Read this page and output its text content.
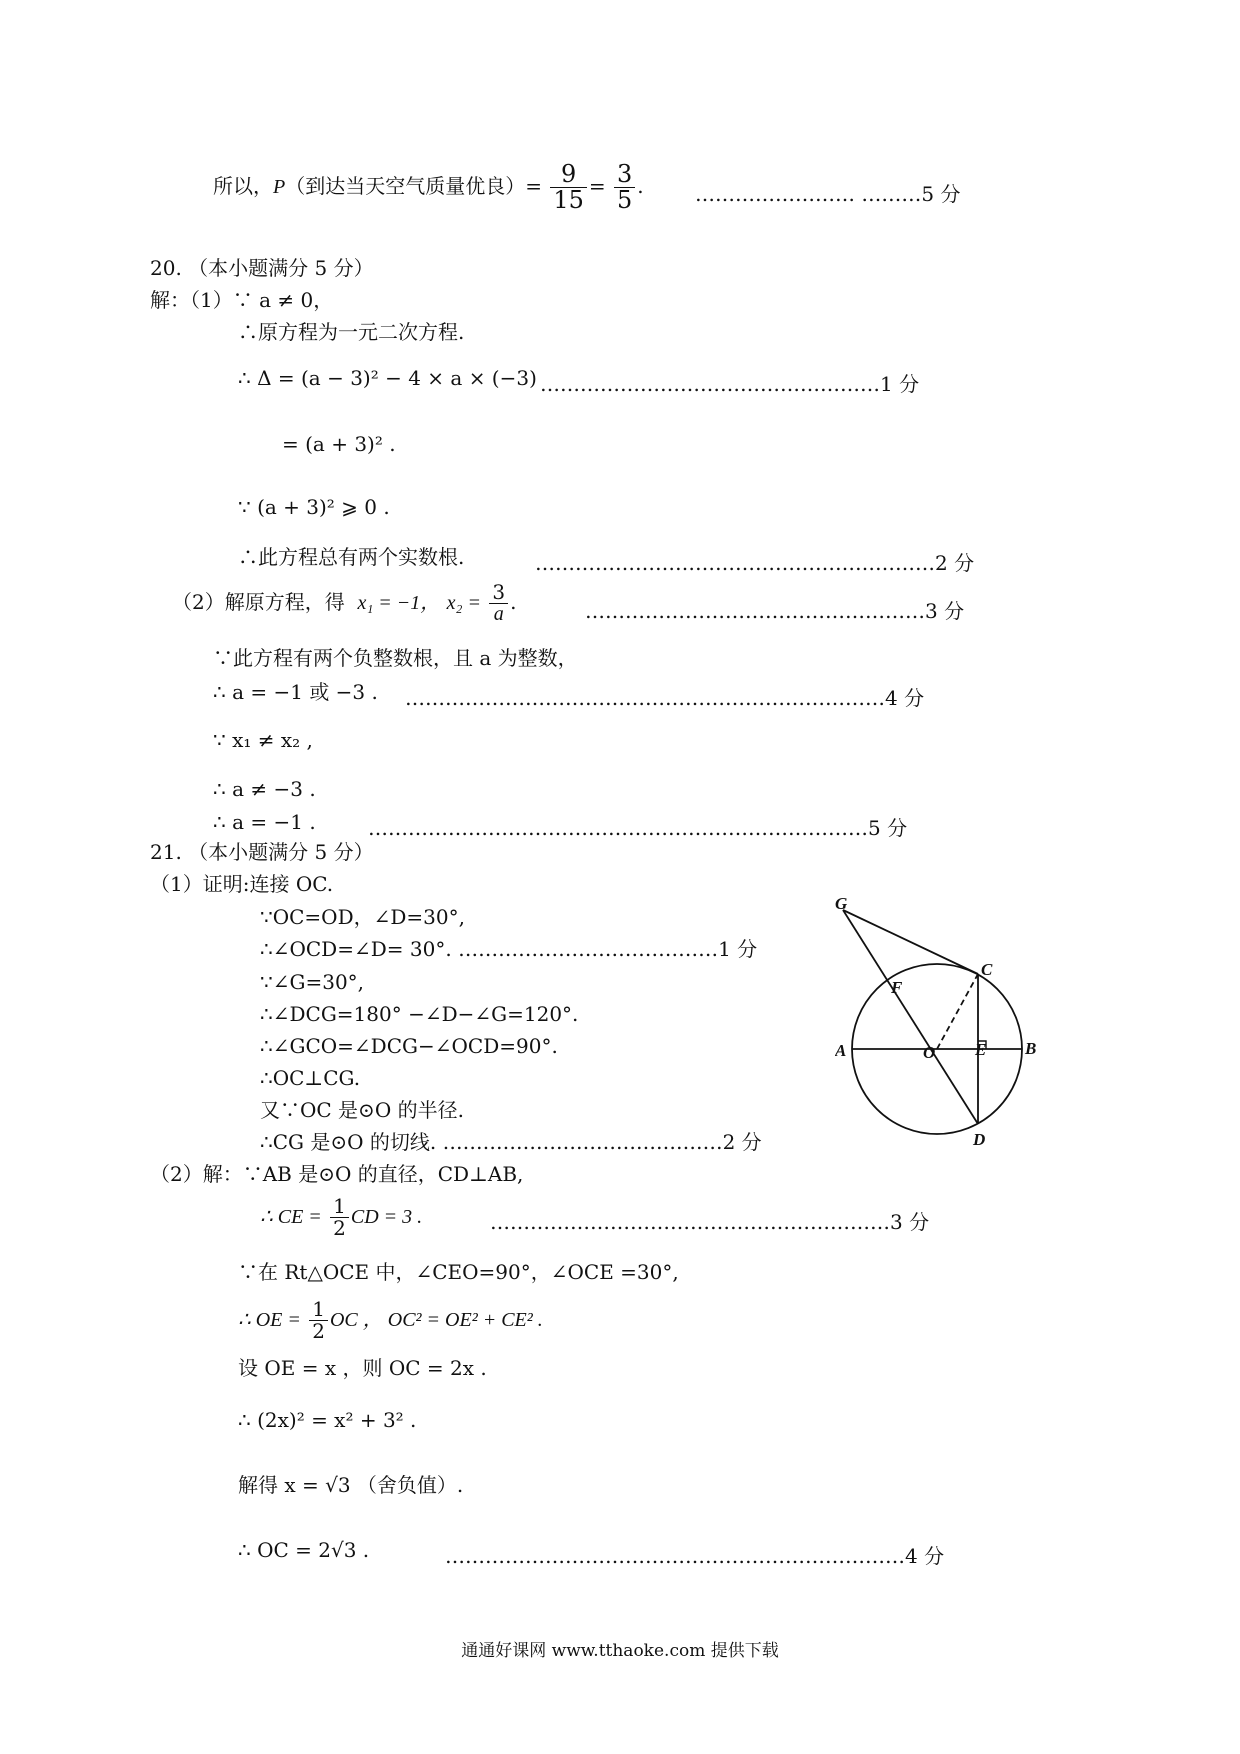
所以，P（到达当天空气质量优良）= $\frac{9}{15} = \frac{3}{5}$ .	…………………… ………5 分
20. （本小题满分 5 分）
解：（1）∵ a ≠ 0，
∴原方程为一元二次方程.
∴ Δ = (a − 3)² − 4 × a × (−3) ……………………………………………1 分
= (a + 3)² .
∵ (a + 3)² ⩾ 0 .
∴此方程总有两个实数根.	……………………………………………………2 分
（2）解原方程，得 x₁ = −1， $x_2 = \frac{3}{a}$ .	……………………………………………3 分
∵此方程有两个负整数根，且 a 为整数，
∴ a = −1 或 −3 . ………………………………………………………………4 分
∵ x₁ ≠ x₂ ,
∴ a ≠ −3 .
∴ a = −1 .	…………………………………………………………………5 分
21. （本小题满分 5 分）
（1）证明:连接 OC.
∵OC=OD，∠D=30°,
∴∠OCD=∠D= 30°. …………………………………1 分
∵∠G=30°,
∴∠DCG=180° −∠D−∠G=120°.
∴∠GCO=∠DCG−∠OCD=90°.
∴OC⊥CG.
又∵OC 是⊙O 的半径.
∴CG 是⊙O 的切线. ……………………………………2 分
（2）解：∵AB 是⊙O 的直径，CD⊥AB,
∴ CE = $\frac{1}{2}$ CD = 3 .	……………………………………………………3 分
∵在 Rt△OCE 中，∠CEO=90°，∠OCE =30°,
∴ OE = $\frac{1}{2}$ OC ， OC² = OE² + CE² .
设 OE = x ，则 OC = 2x .
∴ (2x)² = x² + 3² .
解得 x = √3 （舍负值）.
∴ OC = 2√3 .	……………………………………………………………4 分
G
C
F
A	O E B
D
通通好课网 www.tthaoke.com 提供下载
